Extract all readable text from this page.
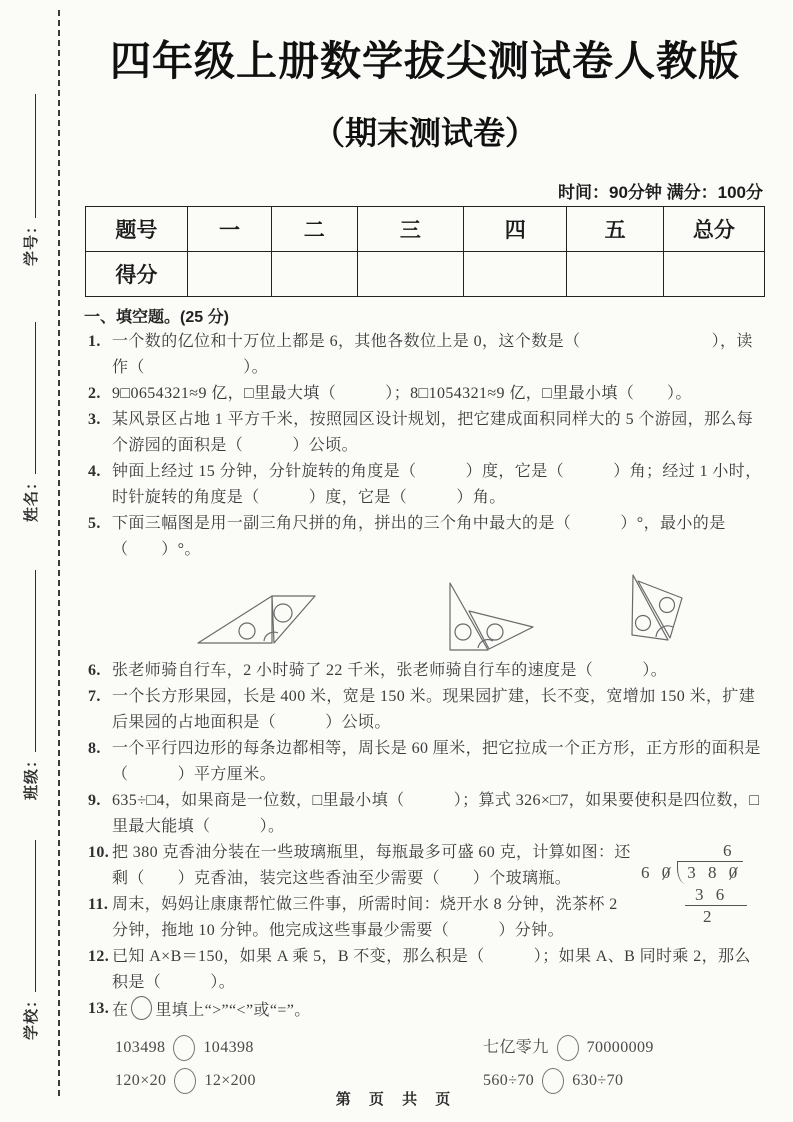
学号：
姓名：
班级：
学校：
四年级上册数学拔尖测试卷人教版
（期末测试卷）
时间：90分钟 满分：100分
题号	一	二	三	四	五	总分
得分						
一、填空题。(25 分)
1. 一个数的亿位和十万位上都是 6，其他各数位上是 0，这个数是（　　　　　　　　），读作（　　　　　　）。
2. 9□0654321≈9 亿，□里最大填（　　　）；8□1054321≈9 亿，□里最小填（　　）。
3. 某风景区占地 1 平方千米，按照园区设计规划，把它建成面积同样大的 5 个游园，那么每个游园的面积是（　　　）公顷。
4. 钟面上经过 15 分钟，分针旋转的角度是（　　　）度，它是（　　　）角；经过 1 小时，时针旋转的角度是（　　　）度，它是（　　　）角。
5. 下面三幅图是用一副三角尺拼的角，拼出的三个角中最大的是（　　　）°，最小的是（　　）°。
6. 张老师骑自行车，2 小时骑了 22 千米，张老师骑自行车的速度是（　　　）。
7. 一个长方形果园，长是 400 米，宽是 150 米。现果园扩建，长不变，宽增加 150 米，扩建后果园的占地面积是（　　　）公顷。
8. 一个平行四边形的每条边都相等，周长是 60 厘米，把它拉成一个正方形，正方形的面积是（　　　）平方厘米。
9. 635÷□4，如果商是一位数，□里最小填（　　　）；算式 326×□7，如果要使积是四位数，□里最大能填（　　　）。
6
6 0 3 8 0
3 6
2
10. 把 380 克香油分装在一些玻璃瓶里，每瓶最多可盛 60 克，计算如图：还剩（　　）克香油，装完这些香油至少需要（　　）个玻璃瓶。
11. 周末，妈妈让康康帮忙做三件事，所需时间：烧开水 8 分钟，洗茶杯 2 分钟，拖地 10 分钟。他完成这些事最少需要（　　　）分钟。
12. 已知 A×B＝150，如果 A 乘 5，B 不变，那么积是（　　　）；如果 A、B 同时乘 2，那么积是（　　　）。
13. 在 里填上“>”“<”或“=”。
103498 104398	七亿零九 70000009
120×20 12×200	560÷70 630÷70
第 页 共 页
